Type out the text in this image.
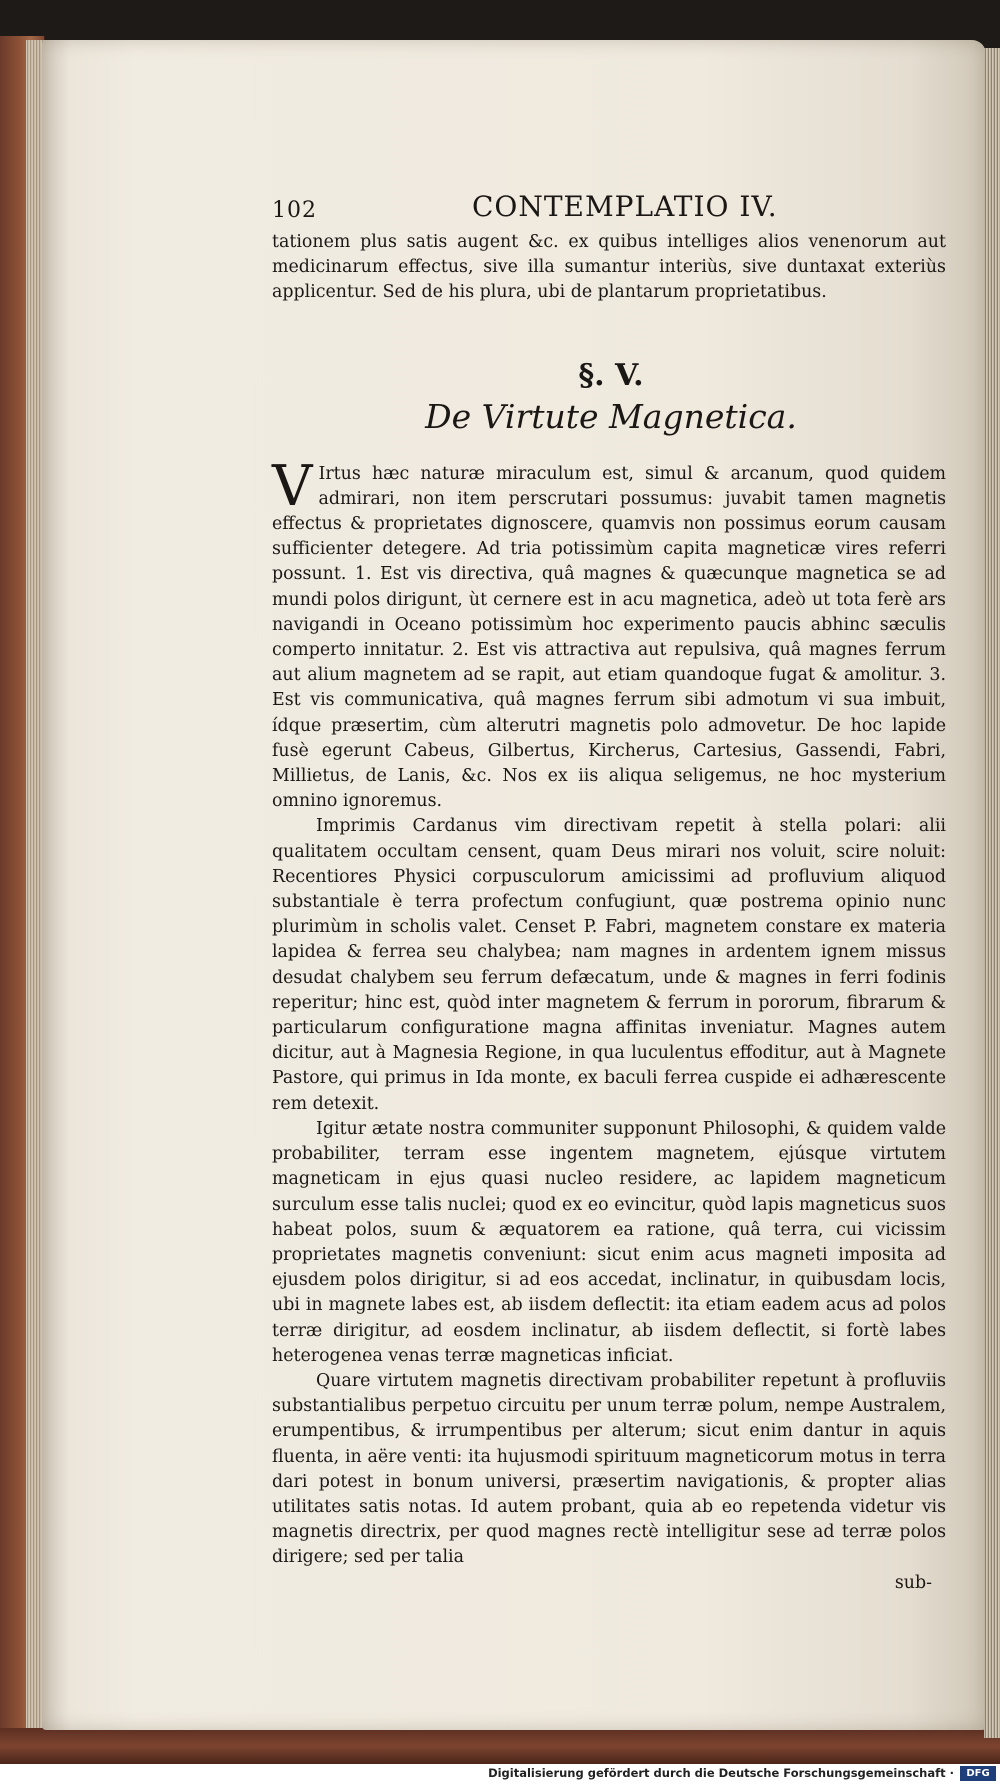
102	CONTEMPLATIO IV.

tationem plus satis augent &c. ex quibus intelliges alios venenorum aut medicinarum effectus, sive illa sumantur interiùs, sive duntaxat exteriùs applicentur. Sed de his plura, ubi de plantarum proprietatibus.

§. V.
De Virtute Magnetica.

V Irtus hæc naturæ miraculum est, simul & arcanum, quod quidem admirari, non item perscrutari possumus: juvabit tamen magnetis effectus & proprietates dignoscere, quamvis non possimus eorum causam sufficienter detegere. Ad tria potissimùm capita magneticæ vires referri possunt. 1. Est vis directiva, quâ magnes & quæcunque magnetica se ad mundi polos dirigunt, ùt cernere est in acu magnetica, adeò ut tota ferè ars navigandi in Oceano potissimùm hoc experimento paucis abhinc sæculis comperto innitatur. 2. Est vis attractiva aut repulsiva, quâ magnes ferrum aut alium magnetem ad se rapit, aut etiam quandoque fugat & amolitur. 3. Est vis communicativa, quâ magnes ferrum sibi admotum vi sua imbuit, ídque præsertim, cùm alterutri magnetis polo admovetur. De hoc lapide fusè egerunt Cabeus, Gilbertus, Kircherus, Cartesius, Gassendi, Fabri, Millietus, de Lanis, &c. Nos ex iis aliqua seligemus, ne hoc mysterium omnino ignoremus.

Imprimis Cardanus vim directivam repetit à stella polari: alii qualitatem occultam censent, quam Deus mirari nos voluit, scire noluit: Recentiores Physici corpusculorum amicissimi ad profluvium aliquod substantiale è terra profectum confugiunt, quæ postrema opinio nunc plurimùm in scholis valet. Censet P. Fabri, magnetem constare ex materia lapidea & ferrea seu chalybea; nam magnes in ardentem ignem missus desudat chalybem seu ferrum defæcatum, unde & magnes in ferri fodinis reperitur; hinc est, quòd inter magnetem & ferrum in pororum, fibrarum & particularum configuratione magna affinitas inveniatur. Magnes autem dicitur, aut à Magnesia Regione, in qua luculentus effoditur, aut à Magnete Pastore, qui primus in Ida monte, ex baculi ferrea cuspide ei adhærescente rem detexit.

Igitur ætate nostra communiter supponunt Philosophi, & quidem valde probabiliter, terram esse ingentem magnetem, ejúsque virtutem magneticam in ejus quasi nucleo residere, ac lapidem magneticum surculum esse talis nuclei; quod ex eo evincitur, quòd lapis magneticus suos habeat polos, suum & æquatorem ea ratione, quâ terra, cui vicissim proprietates magnetis conveniunt: sicut enim acus magneti imposita ad ejusdem polos dirigitur, si ad eos accedat, inclinatur, in quibusdam locis, ubi in magnete labes est, ab iisdem deflectit: ita etiam eadem acus ad polos terræ dirigitur, ad eosdem inclinatur, ab iisdem deflectit, si fortè labes heterogenea venas terræ magneticas inficiat.

Quare virtutem magnetis directivam probabiliter repetunt à profluviis substantialibus perpetuo circuitu per unum terræ polum, nempe Australem, erumpentibus, & irrumpentibus per alterum; sicut enim dantur in aquis fluenta, in aëre venti: ita hujusmodi spirituum magneticorum motus in terra dari potest in bonum universi, præsertim navigationis, & propter alias utilitates satis notas. Id autem probant, quia ab eo repetenda videtur vis magnetis directrix, per quod magnes rectè intelligitur sese ad terræ polos dirigere; sed per talia

sub-
Digitalisierung gefördert durch die Deutsche Forschungsgemeinschaft ·	DFG
